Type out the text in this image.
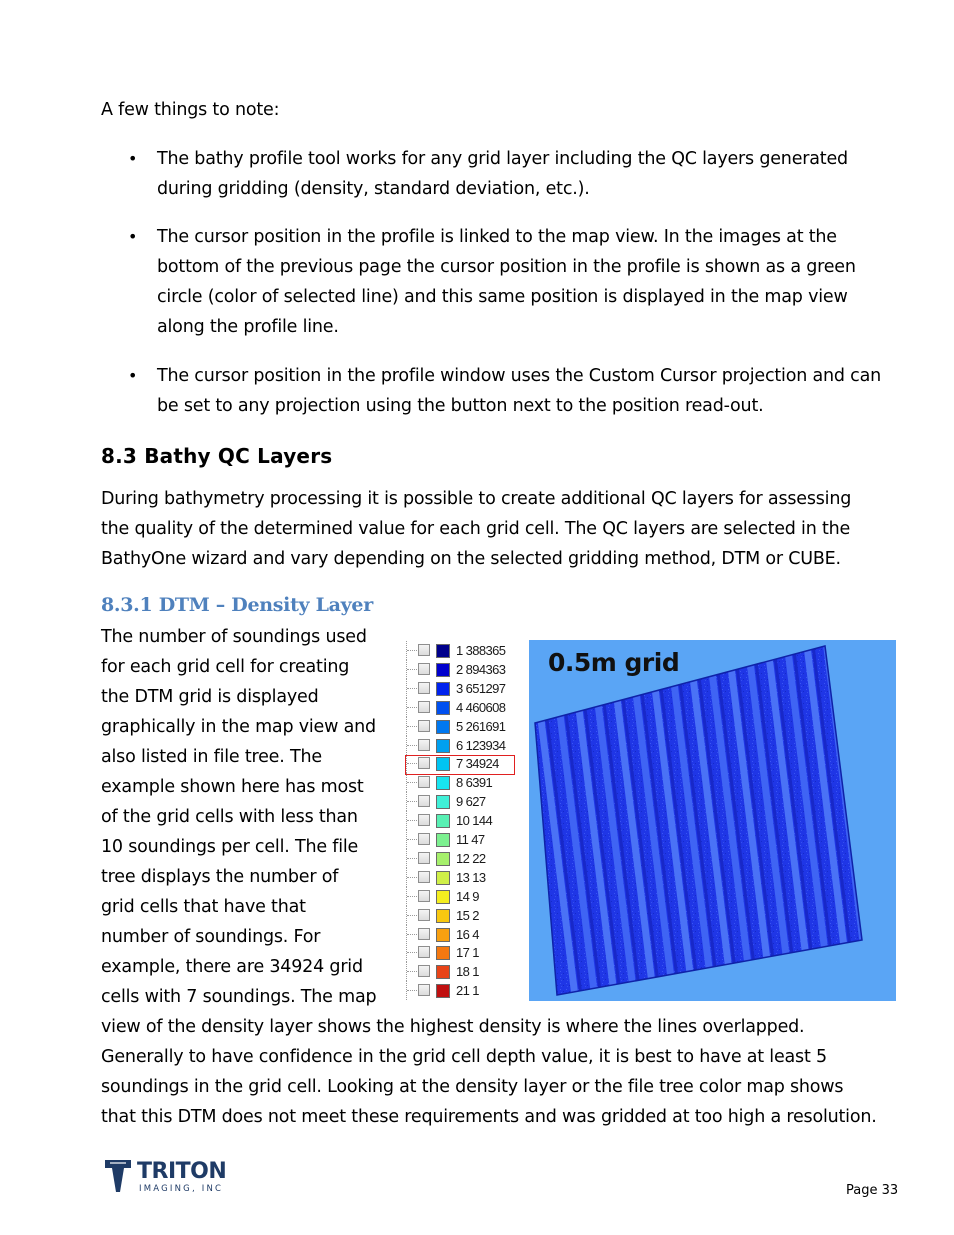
A few things to note:
• The bathy profile tool works for any grid layer including the QC layers generated
during gridding (density, standard deviation, etc.).
• The cursor position in the profile is linked to the map view. In the images at the
bottom of the previous page the cursor position in the profile is shown as a green
circle (color of selected line) and this same position is displayed in the map view
along the profile line.
• The cursor position in the profile window uses the Custom Cursor projection and can
be set to any projection using the button next to the position read-out.
8.3 Bathy QC Layers
During bathymetry processing it is possible to create additional QC layers for assessing
the quality of the determined value for each grid cell. The QC layers are selected in the
BathyOne wizard and vary depending on the selected gridding method, DTM or CUBE.
8.3.1 DTM – Density Layer
The number of soundings used
for each grid cell for creating
the DTM grid is displayed
graphically in the map view and
also listed in file tree. The
example shown here has most
of the grid cells with less than
10 soundings per cell. The file
tree displays the number of
grid cells that have that
number of soundings. For
example, there are 34924 grid
cells with 7 soundings. The map
1 388365
2 894363
3 651297
4 460608
5 261691
6 123934
7 34924
8 6391
9 627
10 144
11 47
12 22
13 13
14 9
15 2
16 4
17 1
18 1
21 1
0.5m grid
view of the density layer shows the highest density is where the lines overlapped.
Generally to have confidence in the grid cell depth value, it is best to have at least 5
soundings in the grid cell. Looking at the density layer or the file tree color map shows
that this DTM does not meet these requirements and was gridded at too high a resolution.
TRITON
IMAGING, INC	Page 33
